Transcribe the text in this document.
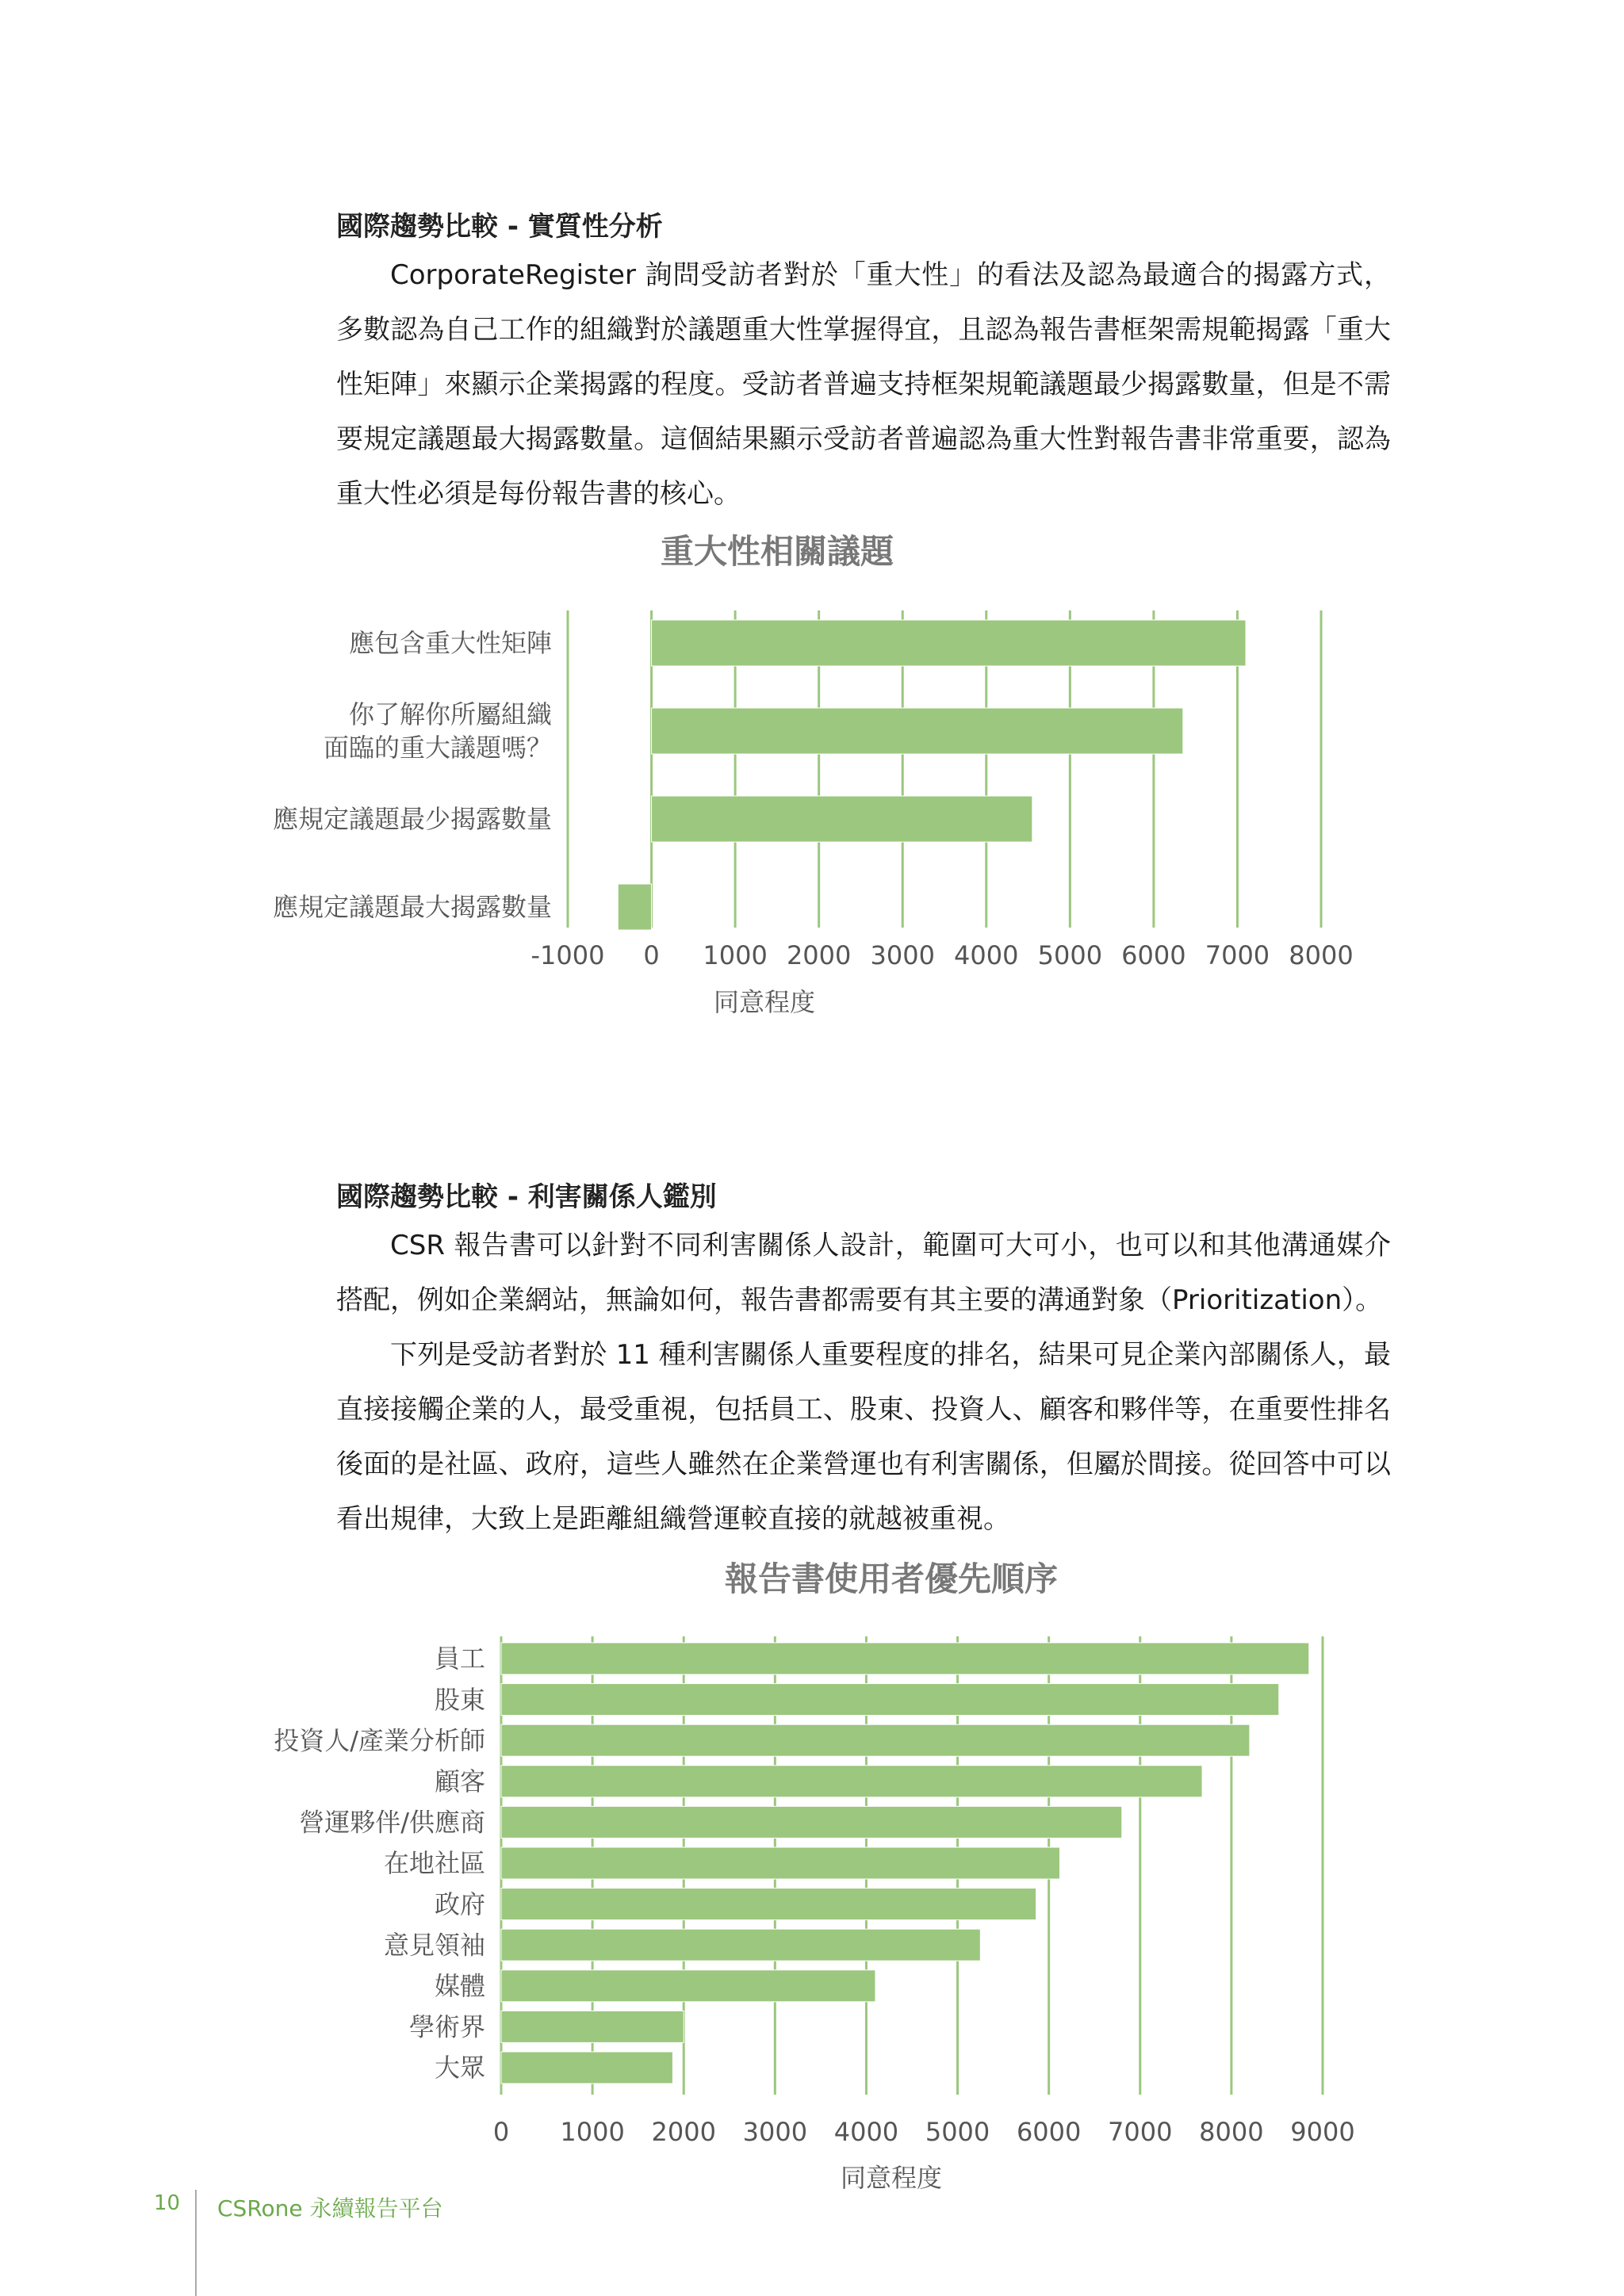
國際趨勢比較 - 實質性分析

CorporateRegister 詢問受訪者對於「重大性」的看法及認為最適合的揭露方式，多數認為自己工作的組織對於議題重大性掌握得宜，且認為報告書框架需規範揭露「重大性矩陣」來顯示企業揭露的程度。受訪者普遍支持框架規範議題最少揭露數量，但是不需要規定議題最大揭露數量。這個結果顯示受訪者普遍認為重大性對報告書非常重要，認為重大性必須是每份報告書的核心。

重大性相關議題
應包含重大性矩陣
你了解你所屬組織
面臨的重大議題嗎？
應規定議題最少揭露數量
應規定議題最大揭露數量
-1000 0 1000 2000 3000 4000 5000 6000 7000 8000
同意程度
國際趨勢比較 - 利害關係人鑑別

CSR 報告書可以針對不同利害關係人設計，範圍可大可小，也可以和其他溝通媒介搭配，例如企業網站，無論如何，報告書都需要有其主要的溝通對象（Prioritization）。

下列是受訪者對於 11 種利害關係人重要程度的排名，結果可見企業內部關係人，最直接接觸企業的人，最受重視，包括員工、股東、投資人、顧客和夥伴等，在重要性排名後面的是社區、政府，這些人雖然在企業營運也有利害關係，但屬於間接。從回答中可以看出規律，大致上是距離組織營運較直接的就越被重視。

報告書使用者優先順序
員工
股東
投資人/產業分析師
顧客
營運夥伴/供應商
在地社區
政府
意見領袖
媒體
學術界
大眾
0 1000 2000 3000 4000 5000 6000 7000 8000 9000
同意程度
10 CSRone 永續報告平台
